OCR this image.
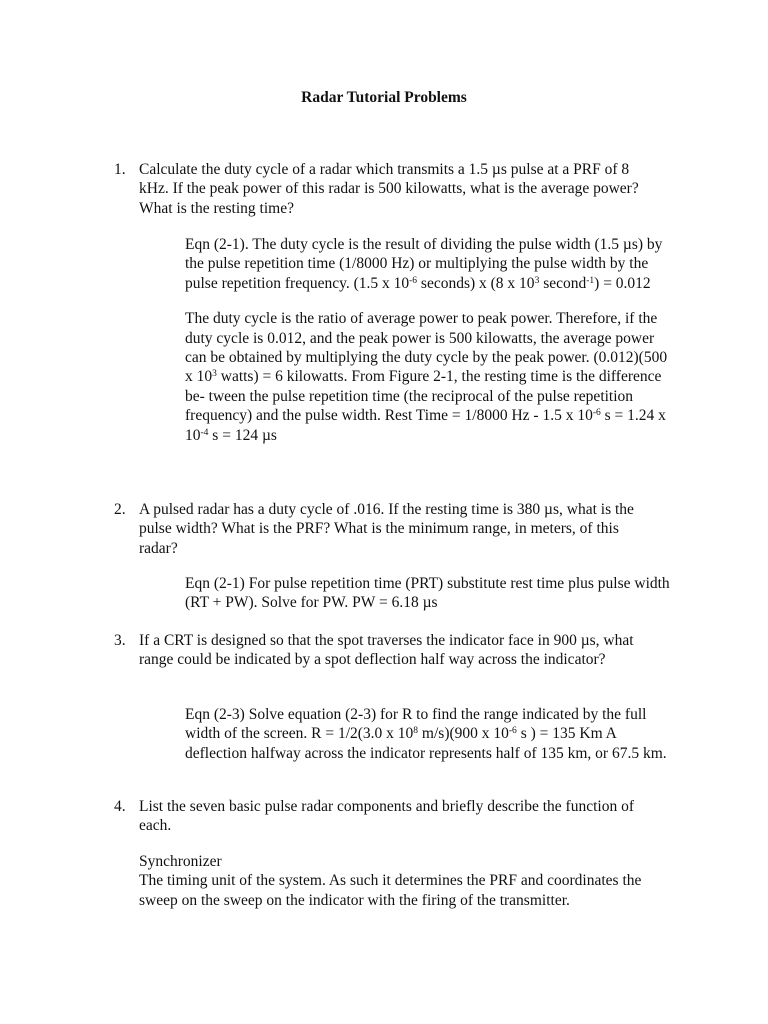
Radar Tutorial Problems
1. Calculate the duty cycle of a radar which transmits a 1.5 µs pulse at a PRF of 8 kHz. If the peak power of this radar is 500 kilowatts, what is the average power? What is the resting time?

Eqn (2-1). The duty cycle is the result of dividing the pulse width (1.5 µs) by the pulse repetition time (1/8000 Hz) or multiplying the pulse width by the pulse repetition frequency. (1.5 x $10^{-6}$ seconds) x (8 x $10^3$ second$^{-1}$) = 0.012

The duty cycle is the ratio of average power to peak power. Therefore, if the duty cycle is 0.012, and the peak power is 500 kilowatts, the average power can be obtained by multiplying the duty cycle by the peak power. (0.012)(500 x $10^3$ watts) = 6 kilowatts. From Figure 2-1, the resting time is the difference be- tween the pulse repetition time (the reciprocal of the pulse repetition frequency) and the pulse width. Rest Time = 1/8000 Hz - 1.5 x $10^{-6}$ s = 1.24 x $10^{-4}$ s = 124 µs

2. A pulsed radar has a duty cycle of .016. If the resting time is 380 µs, what is the pulse width? What is the PRF? What is the minimum range, in meters, of this radar?

Eqn (2-1) For pulse repetition time (PRT) substitute rest time plus pulse width (RT + PW). Solve for PW. PW = 6.18 µs

3. If a CRT is designed so that the spot traverses the indicator face in 900 µs, what range could be indicated by a spot deflection half way across the indicator?

Eqn (2-3) Solve equation (2-3) for R to find the range indicated by the full width of the screen. R = 1/2(3.0 x $10^8$ m/s)(900 x $10^{-6}$ s ) = 135 Km A deflection halfway across the indicator represents half of 135 km, or 67.5 km.

4. List the seven basic pulse radar components and briefly describe the function of each.
Synchronizer
The timing unit of the system. As such it determines the PRF and coordinates the sweep on the sweep on the indicator with the firing of the transmitter.
